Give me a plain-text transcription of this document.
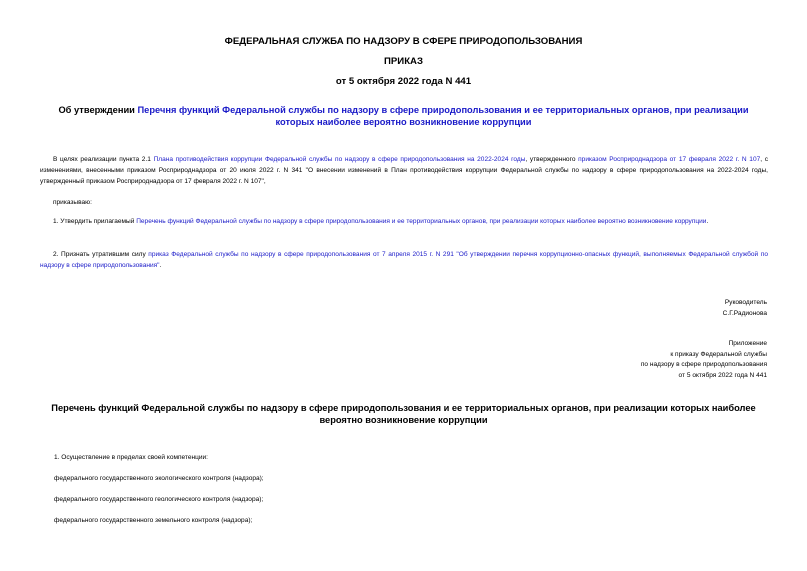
ФЕДЕРАЛЬНАЯ СЛУЖБА ПО НАДЗОРУ В СФЕРЕ ПРИРОДОПОЛЬЗОВАНИЯ
ПРИКАЗ
от 5 октября 2022 года N 441
Об утверждении Перечня функций Федеральной службы по надзору в сфере природопользования и ее территориальных органов, при реализации которых наиболее вероятно возникновение коррупции
В целях реализации пункта 2.1 Плана противодействия коррупции Федеральной службы по надзору в сфере природопользования на 2022-2024 годы, утвержденного приказом Росприроднадзора от 17 февраля 2022 г. N 107, с изменениями, внесенными приказом Росприроднадзора от 20 июля 2022 г. N 341 "О внесении изменений в План противодействия коррупции Федеральной службы по надзору в сфере природопользования на 2022-2024 годы, утвержденный приказом Росприроднадзора от 17 февраля 2022 г. N 107",
приказываю:
1. Утвердить прилагаемый Перечень функций Федеральной службы по надзору в сфере природопользования и ее территориальных органов, при реализации которых наиболее вероятно возникновение коррупции.
2. Признать утратившим силу приказ Федеральной службы по надзору в сфере природопользования от 7 апреля 2015 г. N 291 "Об утверждении перечня коррупционно-опасных функций, выполняемых Федеральной службой по надзору в сфере природопользования".
Руководитель
С.Г.Радионова
Приложение
к приказу Федеральной службы
по надзору в сфере природопользования
от 5 октября 2022 года N 441
Перечень функций Федеральной службы по надзору в сфере природопользования и ее территориальных органов, при реализации которых наиболее вероятно возникновение коррупции
1. Осуществление в пределах своей компетенции:
федерального государственного экологического контроля (надзора);
федерального государственного геологического контроля (надзора);
федерального государственного земельного контроля (надзора);
